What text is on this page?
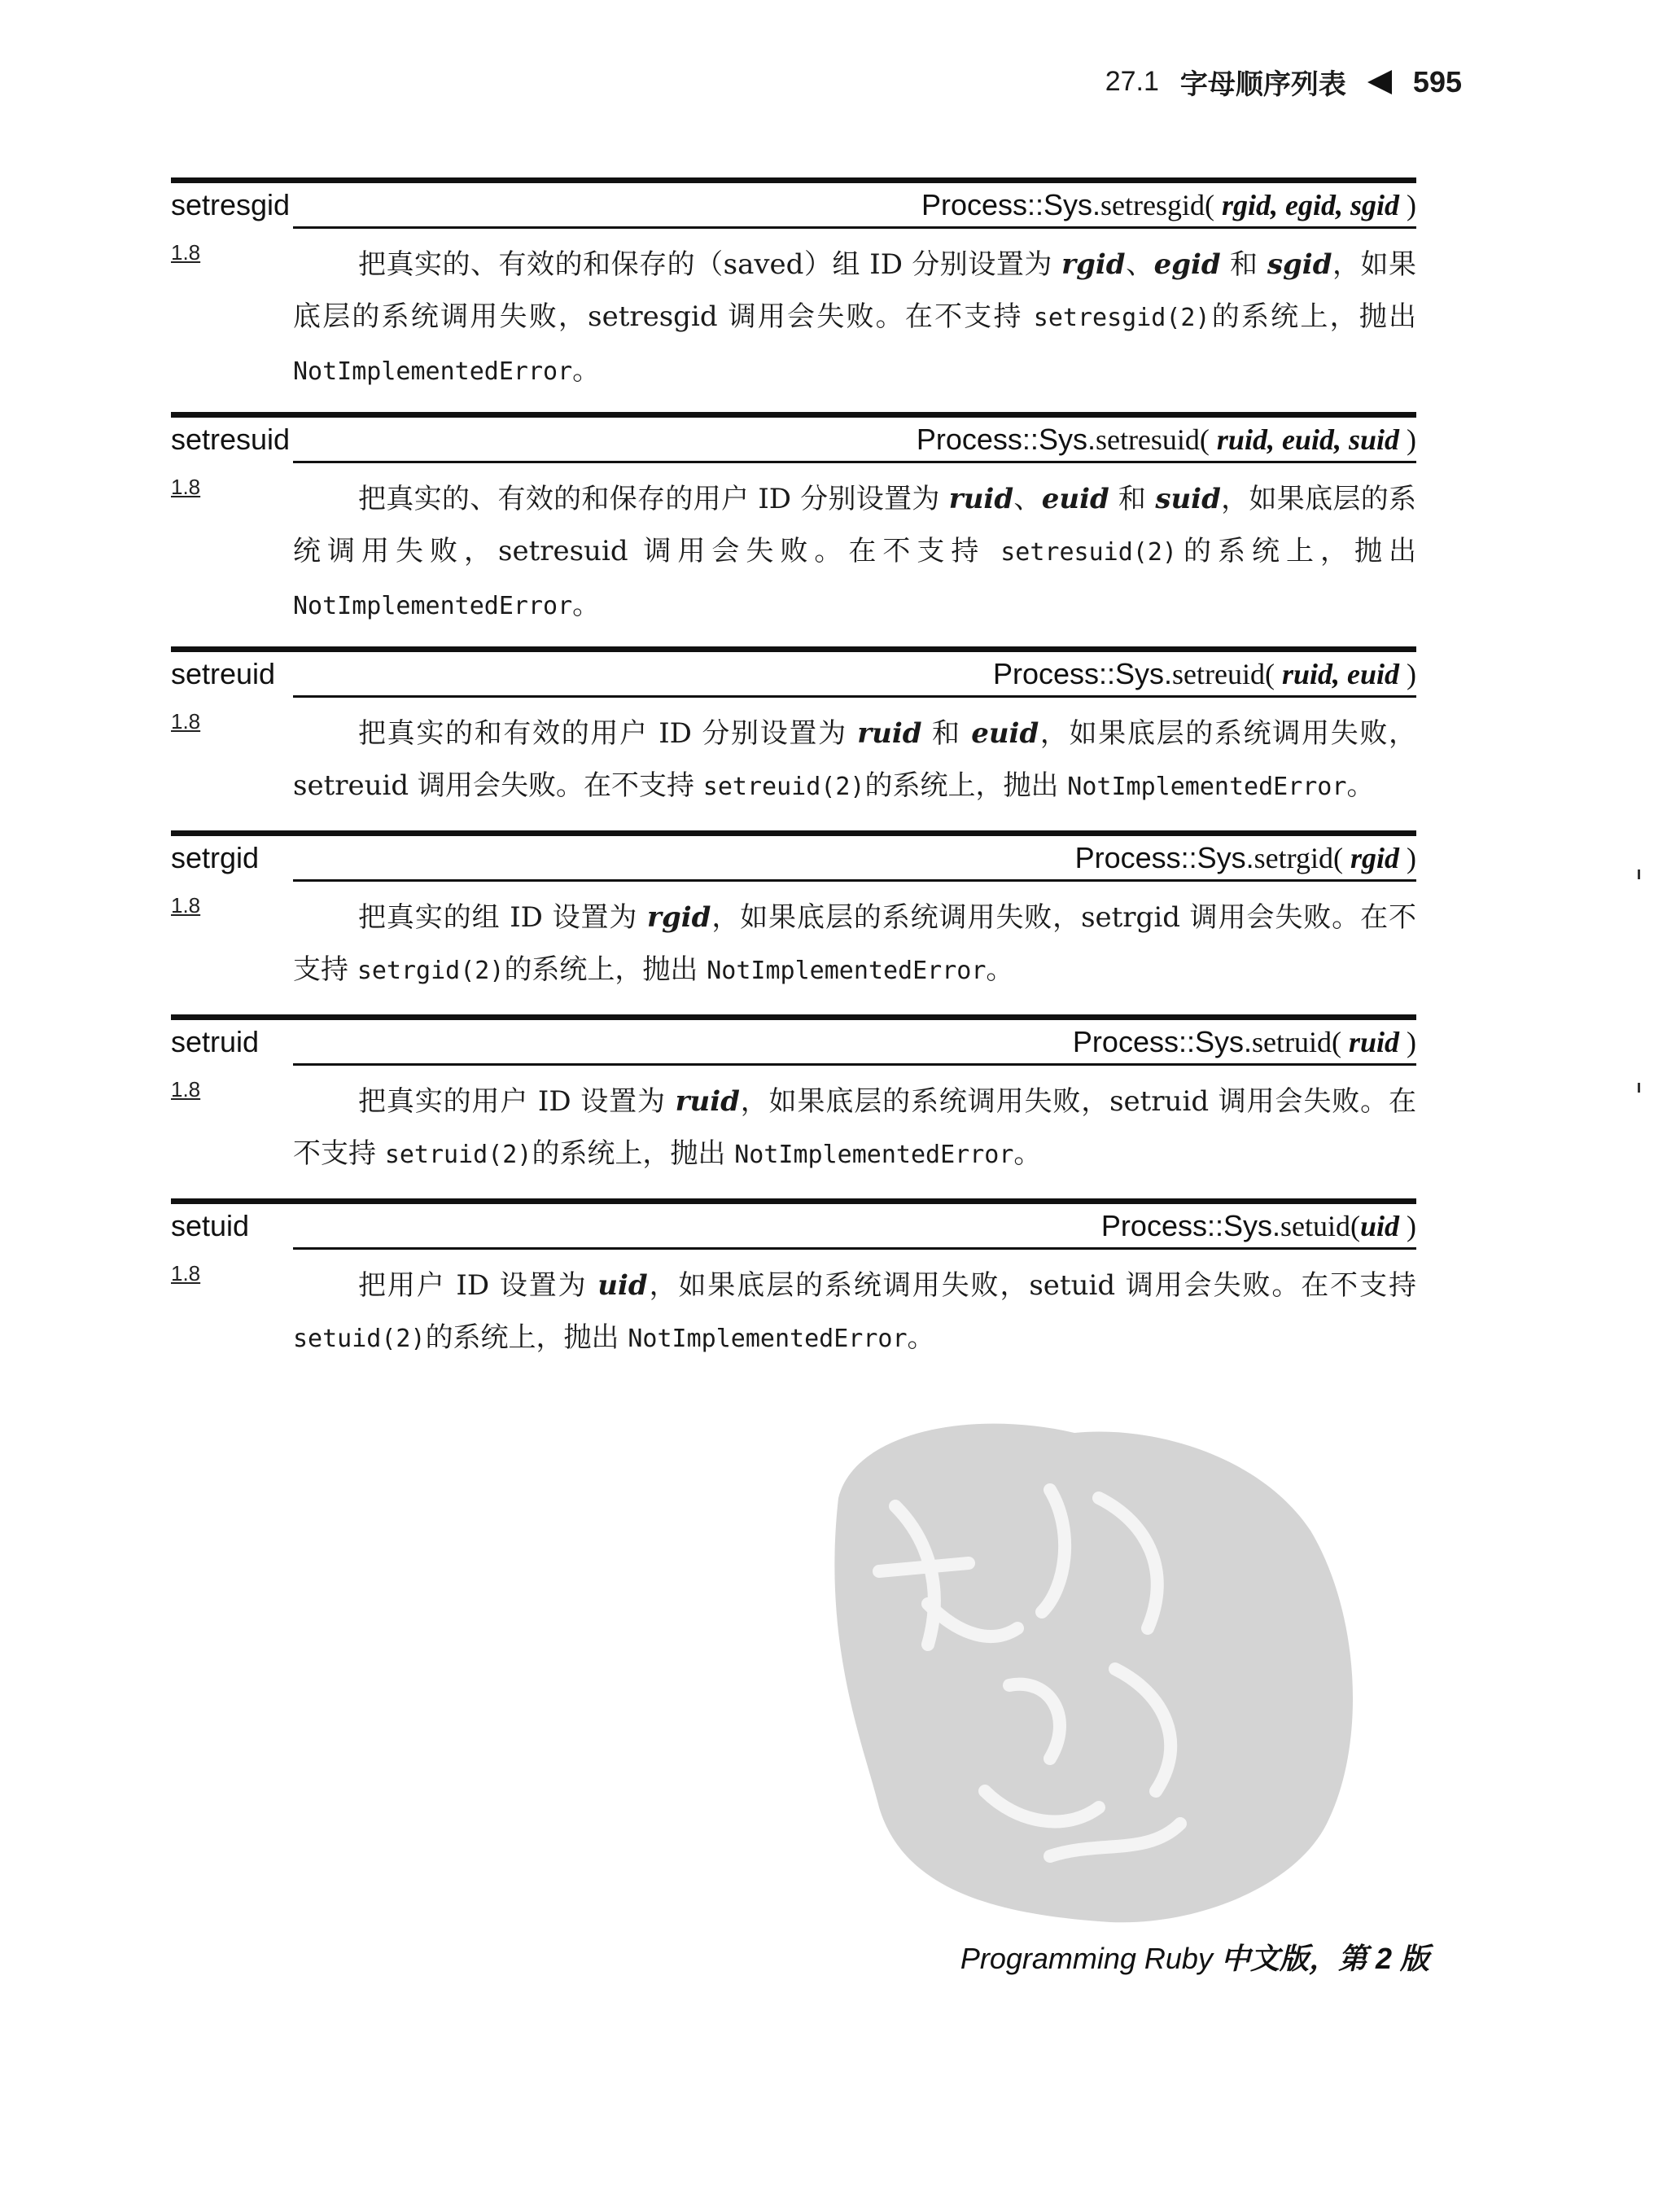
27.1 字母顺序列表 595
setresgid	Process::Sys.setresgid( rgid, egid, sgid )
1.8	把真实的、有效的和保存的（saved）组 ID 分别设置为 rgid、egid 和 sgid，如果底层的系统调用失败，setresgid 调用会失败。在不支持 setresgid(2)的系统上，抛出 NotImplementedError。
setresuid	Process::Sys.setresuid( ruid, euid, suid )
1.8	把真实的、有效的和保存的用户 ID 分别设置为 ruid、euid 和 suid，如果底层的系统调用失败，setresuid 调用会失败。在不支持 setresuid(2)的系统上，抛出 NotImplementedError。
setreuid	Process::Sys.setreuid( ruid, euid )
1.8	把真实的和有效的用户 ID 分别设置为 ruid 和 euid，如果底层的系统调用失败，setreuid 调用会失败。在不支持 setreuid(2)的系统上，抛出 NotImplementedError。
setrgid	Process::Sys.setrgid( rgid )
1.8	把真实的组 ID 设置为 rgid，如果底层的系统调用失败，setrgid 调用会失败。在不支持 setrgid(2)的系统上，抛出 NotImplementedError。
setruid	Process::Sys.setruid( ruid )
1.8	把真实的用户 ID 设置为 ruid，如果底层的系统调用失败，setruid 调用会失败。在不支持 setruid(2)的系统上，抛出 NotImplementedError。
setuid	Process::Sys.setuid(uid )
1.8	把用户 ID 设置为 uid，如果底层的系统调用失败，setuid 调用会失败。在不支持 setuid(2)的系统上，抛出 NotImplementedError。
Programming Ruby 中文版，第 2 版
